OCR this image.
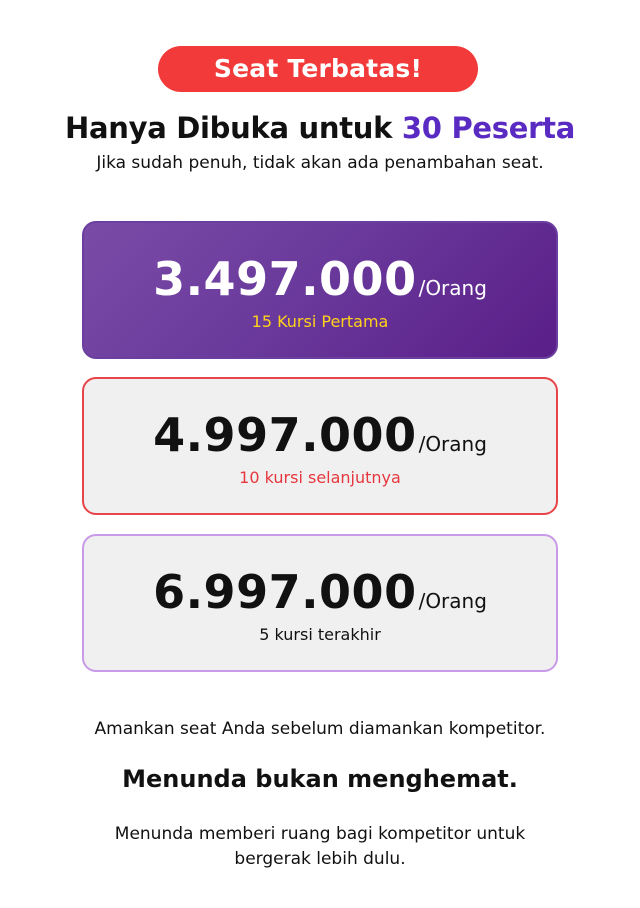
Seat Terbatas!
Hanya Dibuka untuk 30 Peserta
Jika sudah penuh, tidak akan ada penambahan seat.
3.497.000 /Orang
15 Kursi Pertama
4.997.000 /Orang
10 kursi selanjutnya
6.997.000 /Orang
5 kursi terakhir
Amankan seat Anda sebelum diamankan kompetitor.
Menunda bukan menghemat.
Menunda memberi ruang bagi kompetitor untuk
bergerak lebih dulu.
